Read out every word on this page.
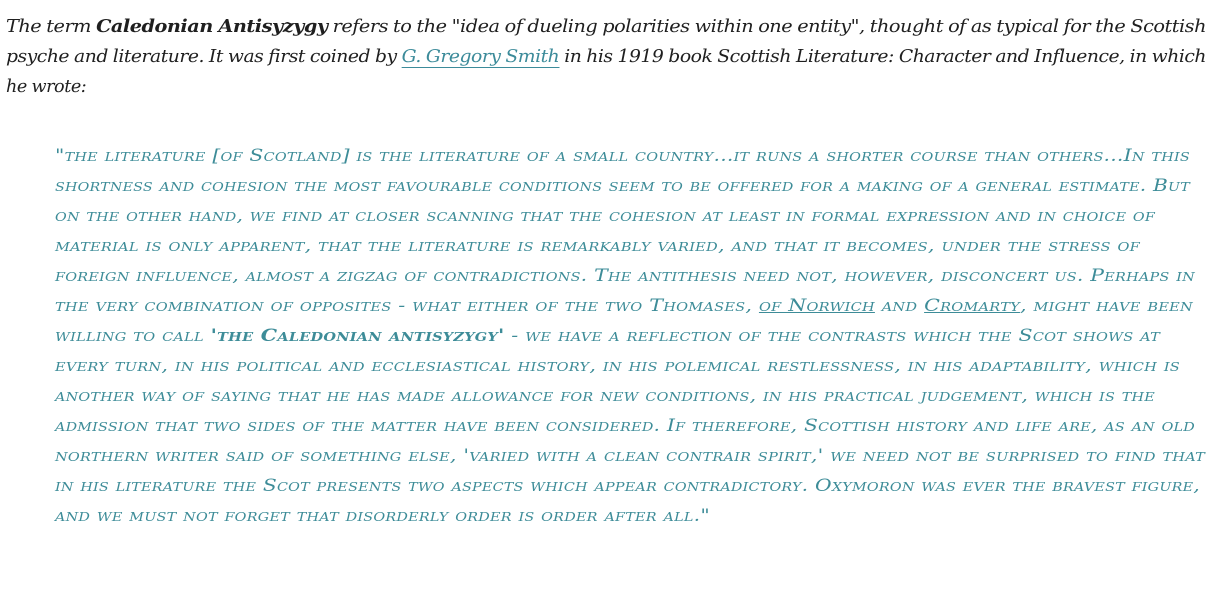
The term Caledonian Antisyzygy refers to the "idea of dueling polarities within one entity", thought of as typical for the Scottish
psyche and literature. It was first coined by G. Gregory Smith in his 1919 book Scottish Literature: Character and Influence, in which
he wrote:
"the literature [of Scotland] is the literature of a small country...it runs a shorter course than others...In this
shortness and cohesion the most favourable conditions seem to be offered for a making of a general estimate. But
on the other hand, we find at closer scanning that the cohesion at least in formal expression and in choice of
material is only apparent, that the literature is remarkably varied, and that it becomes, under the stress of
foreign influence, almost a zigzag of contradictions. The antithesis need not, however, disconcert us. Perhaps in
the very combination of opposites - what either of the two Thomases, of Norwich and Cromarty, might have been
willing to call 'the Caledonian antisyzygy' - we have a reflection of the contrasts which the Scot shows at
every turn, in his political and ecclesiastical history, in his polemical restlessness, in his adaptability, which is
another way of saying that he has made allowance for new conditions, in his practical judgement, which is the
admission that two sides of the matter have been considered. If therefore, Scottish history and life are, as an old
northern writer said of something else, 'varied with a clean contrair spirit,' we need not be surprised to find that
in his literature the Scot presents two aspects which appear contradictory. Oxymoron was ever the bravest figure,
and we must not forget that disorderly order is order after all."
